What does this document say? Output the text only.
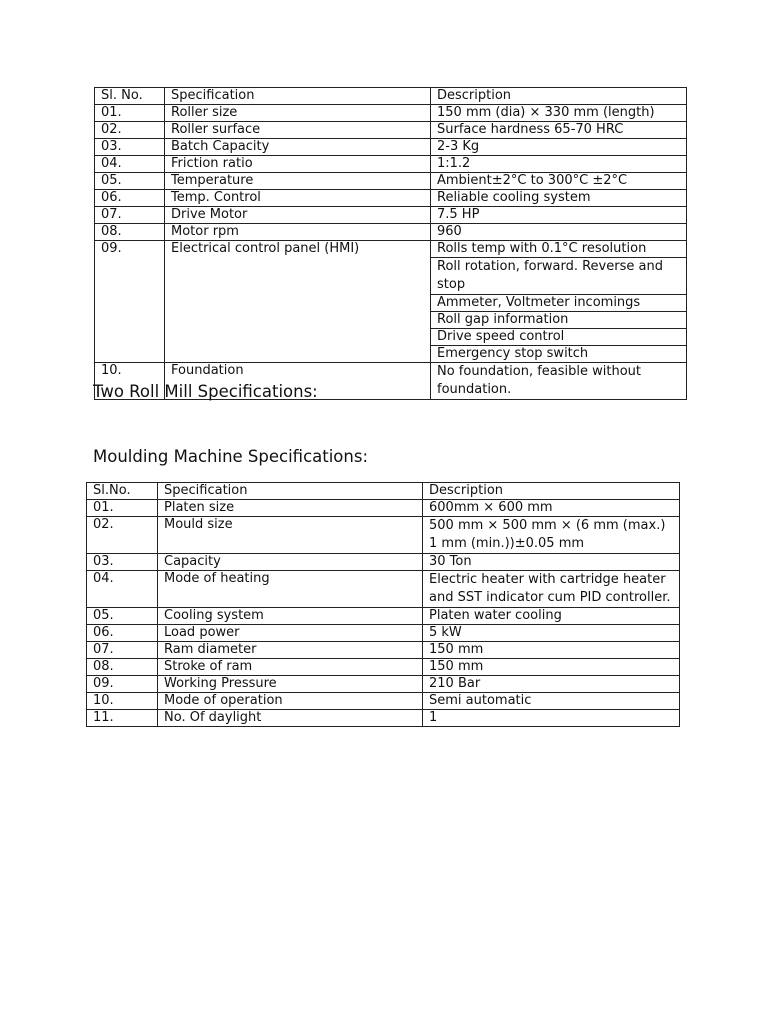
Sl. No.	Specification	Description
01.	Roller size	150 mm (dia) × 330 mm (length)
02.	Roller surface	Surface hardness 65-70 HRC
03.	Batch Capacity	2-3 Kg
04.	Friction ratio	1:1.2
05.	Temperature	Ambient±2°C to 300°C ±2°C
06.	Temp. Control	Reliable cooling system
07.	Drive Motor	7.5 HP
08.	Motor rpm	960
09.	Electrical control panel (HMI)	Rolls temp with 0.1°C resolution
		Roll rotation, forward. Reverse and stop
		Ammeter, Voltmeter incomings
		Roll gap information
		Drive speed control
		Emergency stop switch
10.	Foundation	No foundation, feasible without foundation.
Two Roll Mill Specifications:
Moulding Machine Specifications:
Sl.No.	Specification	Description
01.	Platen size	600mm × 600 mm
02.	Mould size	500 mm × 500 mm × (6 mm (max.) 1 mm (min.))±0.05 mm
03.	Capacity	30 Ton
04.	Mode of heating	Electric heater with cartridge heater and SST indicator cum PID controller.
05.	Cooling system	Platen water cooling
06.	Load power	5 kW
07.	Ram diameter	150 mm
08.	Stroke of ram	150 mm
09.	Working Pressure	210 Bar
10.	Mode of operation	Semi automatic
11.	No. Of daylight	1
